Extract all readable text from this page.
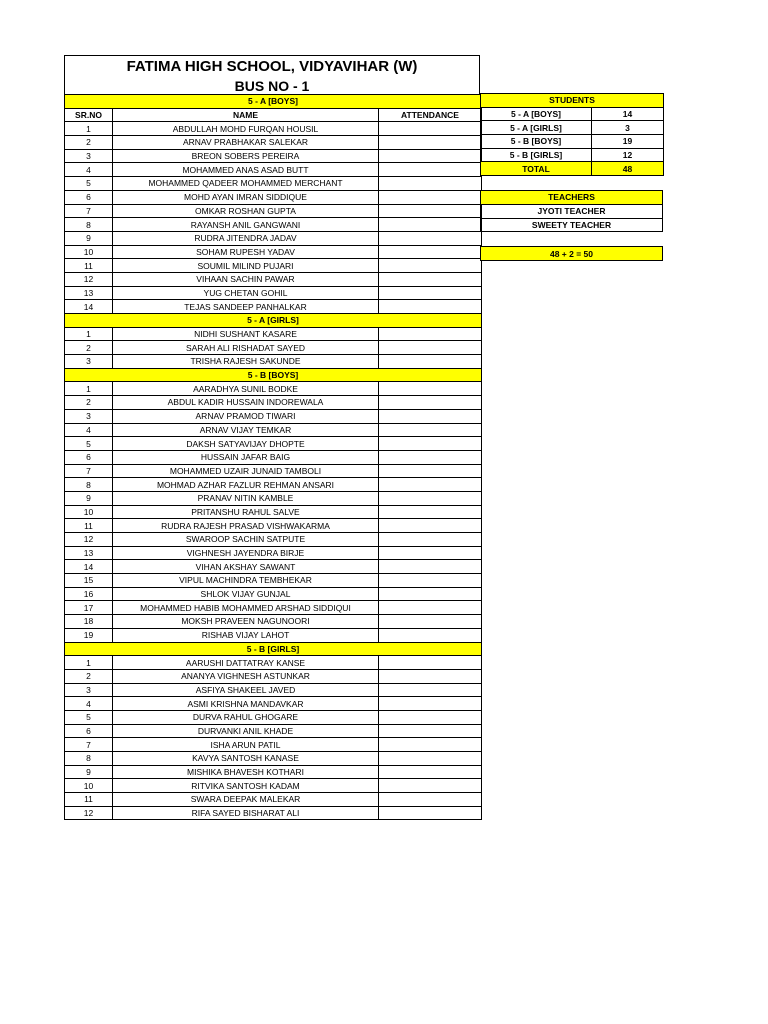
FATIMA HIGH SCHOOL, VIDYAVIHAR (W)
BUS NO - 1
5 - A [BOYS]		
SR.NO	NAME	ATTENDANCE
1	ABDULLAH MOHD FURQAN HOUSIL	
2	ARNAV PRABHAKAR SALEKAR	
3	BREON SOBERS PEREIRA	
4	MOHAMMED ANAS ASAD BUTT	
5	MOHAMMED QADEER MOHAMMED MERCHANT	
6	MOHD AYAN IMRAN SIDDIQUE	
7	OMKAR ROSHAN GUPTA	
8	RAYANSH ANIL GANGWANI	
9	RUDRA JITENDRA JADAV	
10	SOHAM RUPESH YADAV	
11	SOUMIL MILIND PUJARI	
12	VIHAAN SACHIN PAWAR	
13	YUG CHETAN GOHIL	
14	TEJAS SANDEEP PANHALKAR	
5 - A [GIRLS]		
1	NIDHI SUSHANT KASARE	
2	SARAH ALI RISHADAT SAYED	
3	TRISHA RAJESH SAKUNDE	
5 - B [BOYS]		
1	AARADHYA SUNIL BODKE	
2	ABDUL KADIR HUSSAIN INDOREWALA	
3	ARNAV PRAMOD TIWARI	
4	ARNAV VIJAY TEMKAR	
5	DAKSH SATYAVIJAY DHOPTE	
6	HUSSAIN JAFAR BAIG	
7	MOHAMMED UZAIR JUNAID TAMBOLI	
8	MOHMAD AZHAR FAZLUR REHMAN ANSARI	
9	PRANAV NITIN KAMBLE	
10	PRITANSHU RAHUL SALVE	
11	RUDRA RAJESH PRASAD VISHWAKARMA	
12	SWAROOP SACHIN SATPUTE	
13	VIGHNESH JAYENDRA BIRJE	
14	VIHAN AKSHAY SAWANT	
15	VIPUL MACHINDRA TEMBHEKAR	
16	SHLOK VIJAY GUNJAL	
17	MOHAMMED HABIB MOHAMMED ARSHAD SIDDIQUI	
18	MOKSH PRAVEEN NAGUNOORI	
19	RISHAB VIJAY LAHOT	
5 - B [GIRLS]		
1	AARUSHI DATTATRAY KANSE	
2	ANANYA VIGHNESH ASTUNKAR	
3	ASFIYA SHAKEEL JAVED	
4	ASMI KRISHNA MANDAVKAR	
5	DURVA RAHUL GHOGARE	
6	DURVANKI ANIL KHADE	
7	ISHA ARUN PATIL	
8	KAVYA SANTOSH KANASE	
9	MISHIKA BHAVESH KOTHARI	
10	RITVIKA SANTOSH KADAM	
11	SWARA DEEPAK MALEKAR	
12	RIFA SAYED BISHARAT ALI	
STUDENTS	
5 - A [BOYS]	14
5 - A [GIRLS]	3
5 - B [BOYS]	19
5 - B [GIRLS]	12
TOTAL	48
TEACHERS
JYOTI TEACHER
SWEETY TEACHER
48 + 2 = 50
